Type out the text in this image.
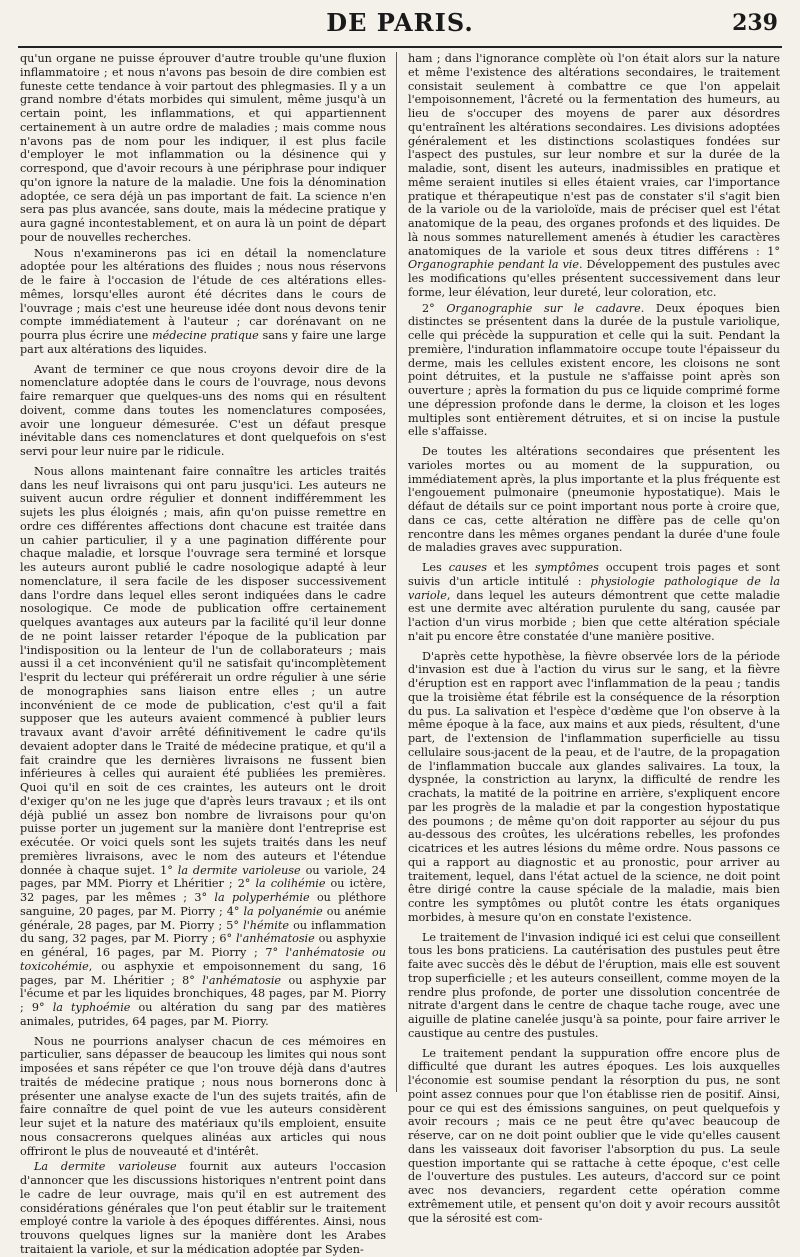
DE PARIS.	239

qu'un organe ne puisse éprouver d'autre trouble qu'une fluxion inflammatoire ; et nous n'avons pas besoin de dire combien est funeste cette tendance à voir partout des phlegmasies. Il y a un grand nombre d'états morbides qui simulent, même jusqu'à un certain point, les inflammations, et qui appartiennent certainement à un autre ordre de maladies ; mais comme nous n'avons pas de nom pour les indiquer, il est plus facile d'employer le mot inflammation ou la désinence qui y correspond, que d'avoir recours à une périphrase pour indiquer qu'on ignore la nature de la maladie. Une fois la dénomination adoptée, ce sera déjà un pas important de fait. La science n'en sera pas plus avancée, sans doute, mais la médecine pratique y aura gagné incontestablement, et on aura là un point de départ pour de nouvelles recherches.

Nous n'examinerons pas ici en détail la nomenclature adoptée pour les altérations des fluides ; nous nous réservons de le faire à l'occasion de l'étude de ces altérations elles-mêmes, lorsqu'elles auront été décrites dans le cours de l'ouvrage ; mais c'est une heureuse idée dont nous devons tenir compte immédiatement à l'auteur ; car dorénavant on ne pourra plus écrire une médecine pratique sans y faire une large part aux altérations des liquides.

Avant de terminer ce que nous croyons devoir dire de la nomenclature adoptée dans le cours de l'ouvrage, nous devons faire remarquer que quelques-uns des noms qui en résultent doivent, comme dans toutes les nomenclatures composées, avoir une longueur démesurée. C'est un défaut presque inévitable dans ces nomenclatures et dont quelquefois on s'est servi pour leur nuire par le ridicule.

Nous allons maintenant faire connaître les articles traités dans les neuf livraisons qui ont paru jusqu'ici. Les auteurs ne suivent aucun ordre régulier et donnent indifféremment les sujets les plus éloignés ; mais, afin qu'on puisse remettre en ordre ces différentes affections dont chacune est traitée dans un cahier particulier, il y a une pagination différente pour chaque maladie, et lorsque l'ouvrage sera terminé et lorsque les auteurs auront publié le cadre nosologique adapté à leur nomenclature, il sera facile de les disposer successivement dans l'ordre dans lequel elles seront indiquées dans le cadre nosologique. Ce mode de publication offre certainement quelques avantages aux auteurs par la facilité qu'il leur donne de ne point laisser retarder l'époque de la publication par l'indisposition ou la lenteur de l'un de collaborateurs ; mais aussi il a cet inconvénient qu'il ne satisfait qu'incomplètement l'esprit du lecteur qui préférerait un ordre régulier à une série de monographies sans liaison entre elles ; un autre inconvénient de ce mode de publication, c'est qu'il a fait supposer que les auteurs avaient commencé à publier leurs travaux avant d'avoir arrêté définitivement le cadre qu'ils devaient adopter dans le Traité de médecine pratique, et qu'il a fait craindre que les dernières livraisons ne fussent bien inférieures à celles qui auraient été publiées les premières. Quoi qu'il en soit de ces craintes, les auteurs ont le droit d'exiger qu'on ne les juge que d'après leurs travaux ; et ils ont déjà publié un assez bon nombre de livraisons pour qu'on puisse porter un jugement sur la manière dont l'entreprise est exécutée. Or voici quels sont les sujets traités dans les neuf premières livraisons, avec le nom des auteurs et l'étendue donnée à chaque sujet. 1° la dermite varioleuse ou variole, 24 pages, par MM. Piorry et Lhéritier ; 2° la colihémie ou ictère, 32 pages, par les mêmes ; 3° la polyperhémie ou pléthore sanguine, 20 pages, par M. Piorry ; 4° la polyanémie ou anémie générale, 28 pages, par M. Piorry ; 5° l'hémite ou inflammation du sang, 32 pages, par M. Piorry ; 6° l'anhématosie ou asphyxie en général, 16 pages, par M. Piorry ; 7° l'anhématosie ou toxicohémie, ou asphyxie et empoisonnement du sang, 16 pages, par M. Lhéritier ; 8° l'anhématosie ou asphyxie par l'écume et par les liquides bronchiques, 48 pages, par M. Piorry ; 9° la typhoémie ou altération du sang par des matières animales, putrides, 64 pages, par M. Piorry.

Nous ne pourrions analyser chacun de ces mémoires en particulier, sans dépasser de beaucoup les limites qui nous sont imposées et sans répéter ce que l'on trouve déjà dans d'autres traités de médecine pratique ; nous nous bornerons donc à présenter une analyse exacte de l'un des sujets traités, afin de faire connaître de quel point de vue les auteurs considèrent leur sujet et la nature des matériaux qu'ils emploient, ensuite nous consacrerons quelques alinéas aux articles qui nous offriront le plus de nouveauté et d'intérêt.

La dermite varioleuse fournit aux auteurs l'occasion d'annoncer que les discussions historiques n'entrent point dans le cadre de leur ouvrage, mais qu'il en est autrement des considérations générales que l'on peut établir sur le traitement employé contre la variole à des époques différentes. Ainsi, nous trouvons quelques lignes sur la manière dont les Arabes traitaient la variole, et sur la médication adoptée par Syden-

ham ; dans l'ignorance complète où l'on était alors sur la nature et même l'existence des altérations secondaires, le traitement consistait seulement à combattre ce que l'on appelait l'empoisonnement, l'âcreté ou la fermentation des humeurs, au lieu de s'occuper des moyens de parer aux désordres qu'entraînent les altérations secondaires. Les divisions adoptées généralement et les distinctions scolastiques fondées sur l'aspect des pustules, sur leur nombre et sur la durée de la maladie, sont, disent les auteurs, inadmissibles en pratique et même seraient inutiles si elles étaient vraies, car l'importance pratique et thérapeutique n'est pas de constater s'il s'agit bien de la variole ou de la varioloïde, mais de préciser quel est l'état anatomique de la peau, des organes profonds et des liquides. De là nous sommes naturellement amenés à étudier les caractères anatomiques de la variole et sous deux titres différens : 1° Organographie pendant la vie. Développement des pustules avec les modifications qu'elles présentent successivement dans leur forme, leur élévation, leur dureté, leur coloration, etc.

2° Organographie sur le cadavre. Deux époques bien distinctes se présentent dans la durée de la pustule variolique, celle qui précède la suppuration et celle qui la suit. Pendant la première, l'induration inflammatoire occupe toute l'épaisseur du derme, mais les cellules existent encore, les cloisons ne sont point détruites, et la pustule ne s'affaisse point après son ouverture ; après la formation du pus ce liquide comprimé forme une dépression profonde dans le derme, la cloison et les loges multiples sont entièrement détruites, et si on incise la pustule elle s'affaisse.

De toutes les altérations secondaires que présentent les varioles mortes ou au moment de la suppuration, ou immédiatement après, la plus importante et la plus fréquente est l'engouement pulmonaire (pneumonie hypostatique). Mais le défaut de détails sur ce point important nous porte à croire que, dans ce cas, cette altération ne diffère pas de celle qu'on rencontre dans les mêmes organes pendant la durée d'une foule de maladies graves avec suppuration.

Les causes et les symptômes occupent trois pages et sont suivis d'un article intitulé : physiologie pathologique de la variole, dans lequel les auteurs démontrent que cette maladie est une dermite avec altération purulente du sang, causée par l'action d'un virus morbide ; bien que cette altération spéciale n'ait pu encore être constatée d'une manière positive.

D'après cette hypothèse, la fièvre observée lors de la période d'invasion est due à l'action du virus sur le sang, et la fièvre d'éruption est en rapport avec l'inflammation de la peau ; tandis que la troisième état fébrile est la conséquence de la résorption du pus. La salivation et l'espèce d'œdème que l'on observe à la même époque à la face, aux mains et aux pieds, résultent, d'une part, de l'extension de l'inflammation superficielle au tissu cellulaire sous-jacent de la peau, et de l'autre, de la propagation de l'inflammation buccale aux glandes salivaires. La toux, la dyspnée, la constriction au larynx, la difficulté de rendre les crachats, la matité de la poitrine en arrière, s'expliquent encore par les progrès de la maladie et par la congestion hypostatique des poumons ; de même qu'on doit rapporter au séjour du pus au-dessous des croûtes, les ulcérations rebelles, les profondes cicatrices et les autres lésions du même ordre. Nous passons ce qui a rapport au diagnostic et au pronostic, pour arriver au traitement, lequel, dans l'état actuel de la science, ne doit point être dirigé contre la cause spéciale de la maladie, mais bien contre les symptômes ou plutôt contre les états organiques morbides, à mesure qu'on en constate l'existence.

Le traitement de l'invasion indiqué ici est celui que conseillent tous les bons praticiens. La cautérisation des pustules peut être faite avec succès dès le début de l'éruption, mais elle est souvent trop superficielle ; et les auteurs conseillent, comme moyen de la rendre plus profonde, de porter une dissolution concentrée de nitrate d'argent dans le centre de chaque tache rouge, avec une aiguille de platine canelée jusqu'à sa pointe, pour faire arriver le caustique au centre des pustules.

Le traitement pendant la suppuration offre encore plus de difficulté que durant les autres époques. Les lois auxquelles l'économie est soumise pendant la résorption du pus, ne sont point assez connues pour que l'on établisse rien de positif. Ainsi, pour ce qui est des émissions sanguines, on peut quelquefois y avoir recours ; mais ce ne peut être qu'avec beaucoup de réserve, car on ne doit point oublier que le vide qu'elles causent dans les vaisseaux doit favoriser l'absorption du pus. La seule question importante qui se rattache à cette époque, c'est celle de l'ouverture des pustules. Les auteurs, d'accord sur ce point avec nos devanciers, regardent cette opération comme extrêmement utile, et pensent qu'on doit y avoir recours aussitôt que la sérosité est com-
